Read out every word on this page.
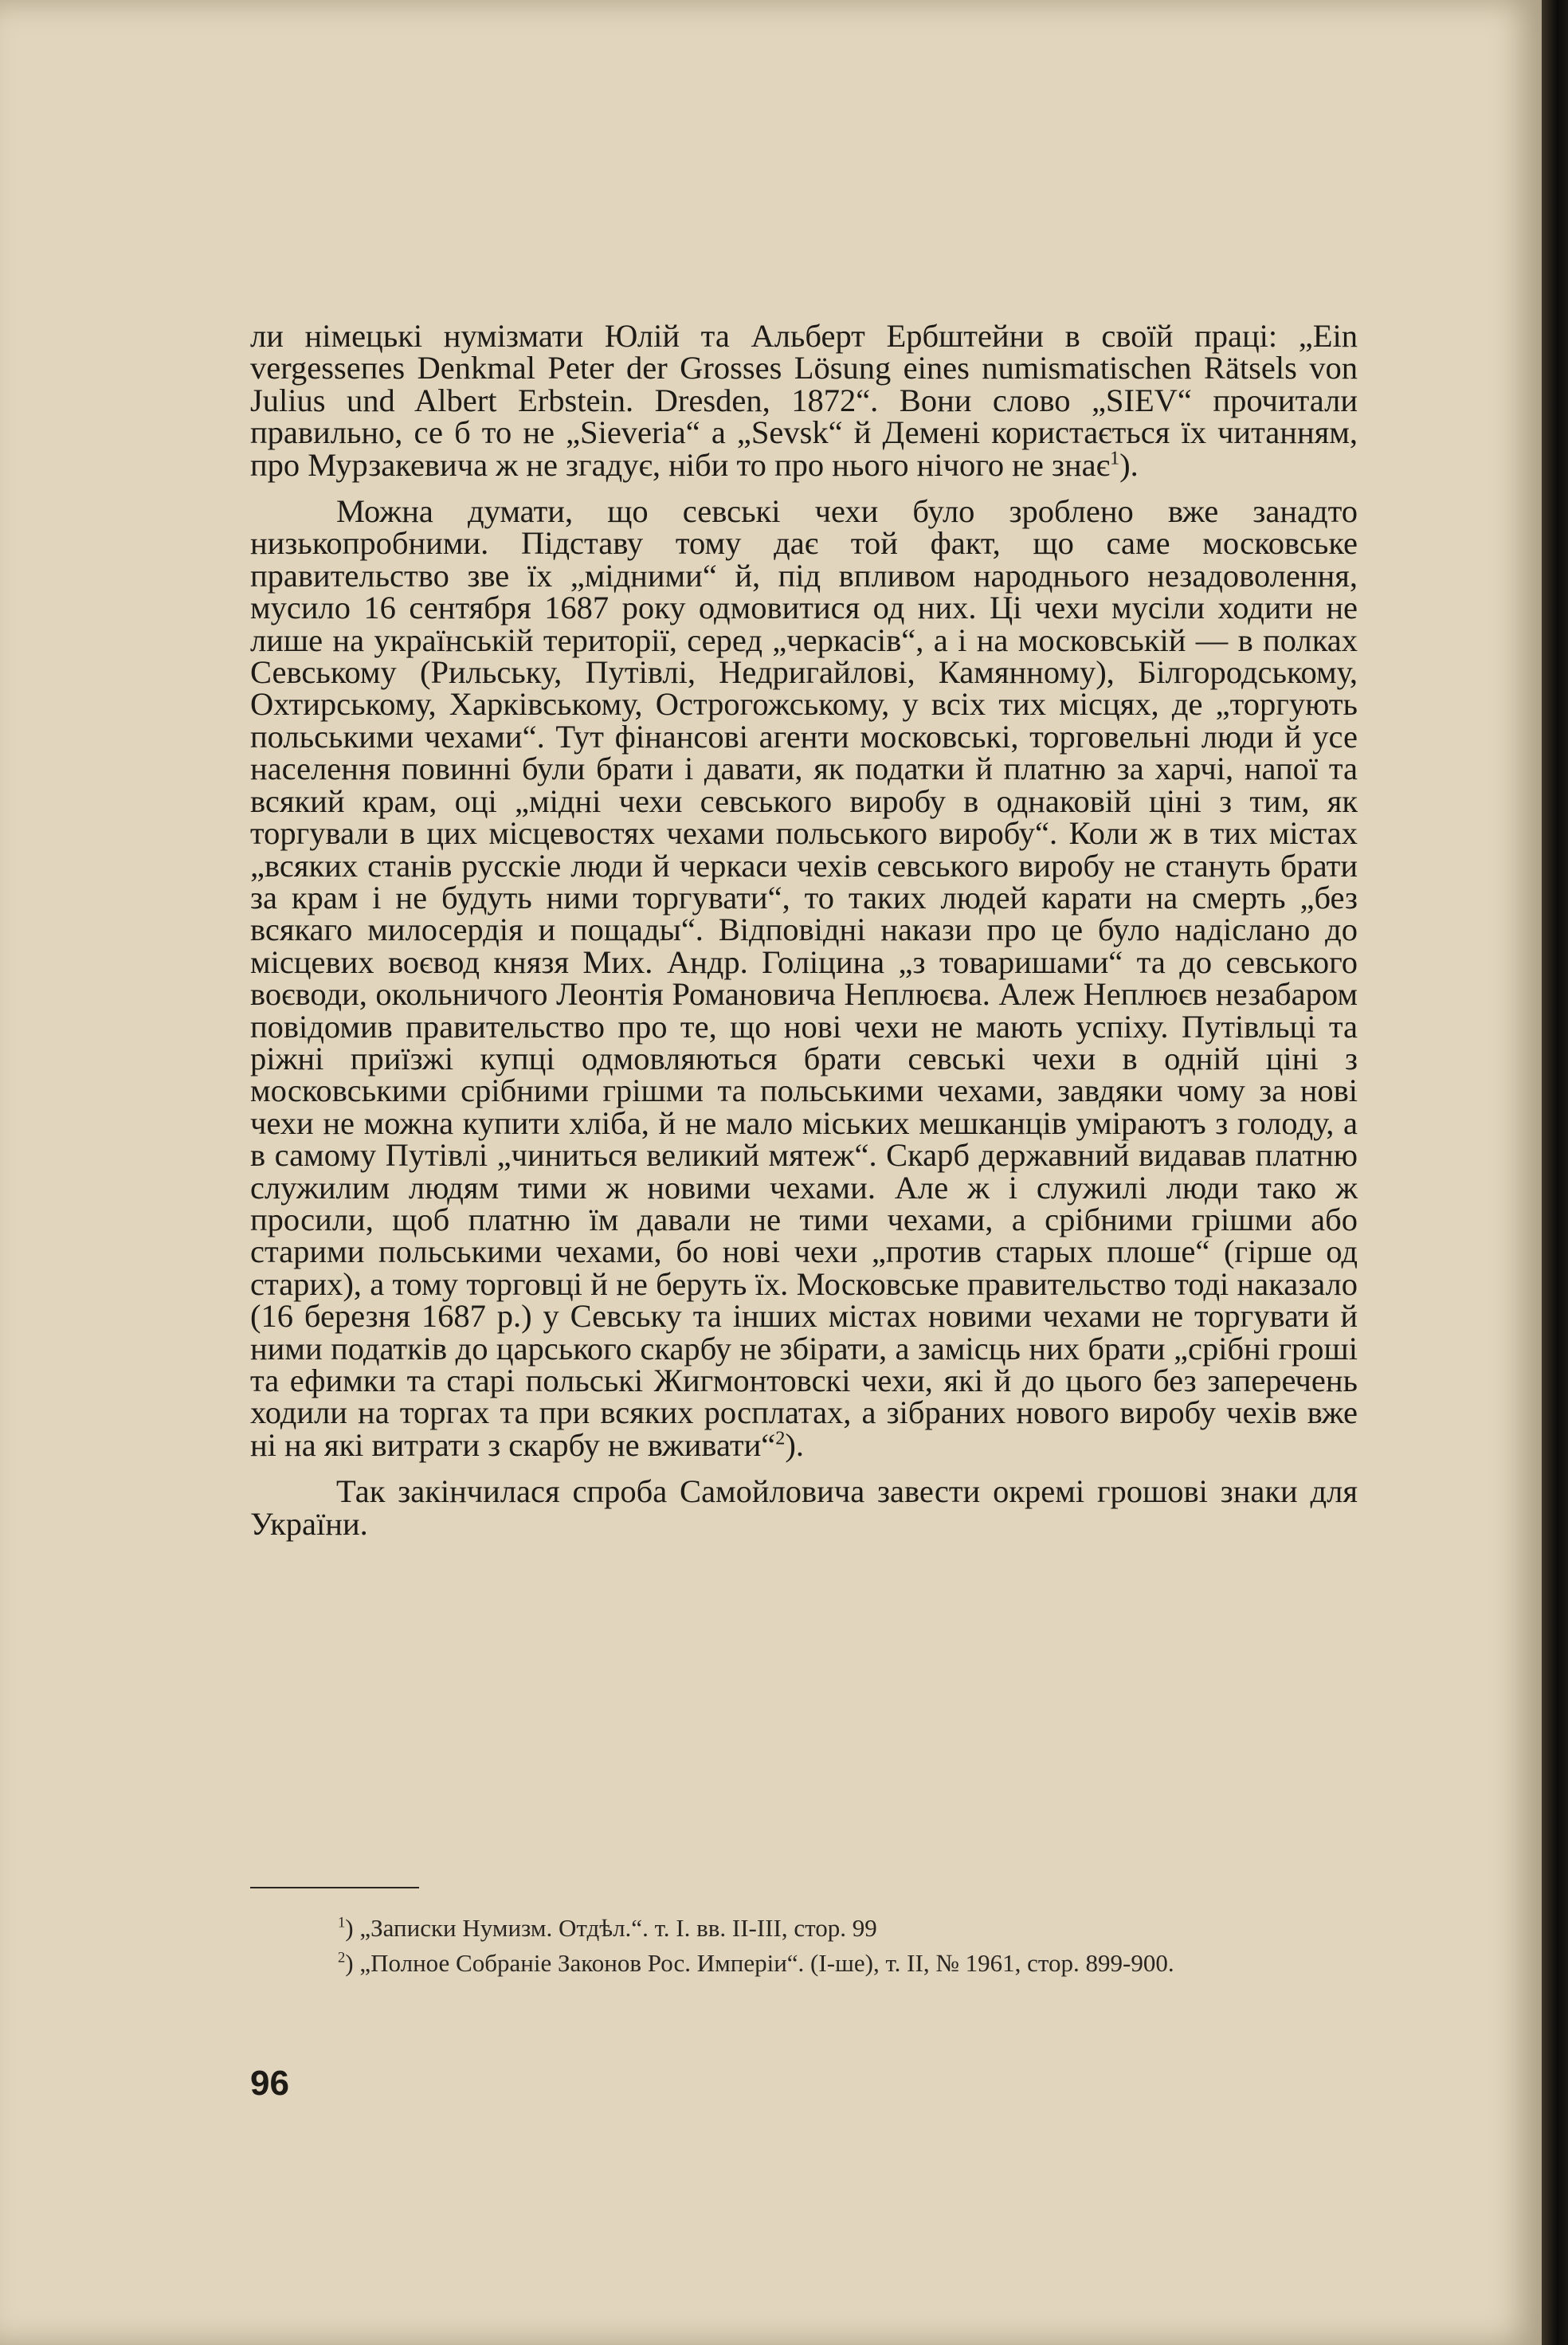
ли німецькі нумізмати Юлій та Альберт Ербштейни в своїй праці: „Ein vergesseпes Denkmal Peter der Grosses Lösung eines numismatischen Rätsels von Julius und Albert Erbstein. Dresden, 1872“. Вони слово „SIEV“ прочитали правильно, се б то не „Sieveria“ а „Sevsk“ й Демені користається їх читанням, про Мурзакевича ж не згадує, ніби то про нього нічого не знає$^1$).

Можна думати, що севські чехи було зроблено вже занадто низькопробними. Підставу тому дає той факт, що саме московське правительство зве їх „мідними“ й, під впливом народнього незадоволення, мусило 16 сентября 1687 року одмовитися од них. Ці чехи мусіли ходити не лише на українській території, серед „черкасів“, а і на московській — в полках Севському (Рильську, Путівлі, Недригайлові, Камянному), Білгородському, Охтирському, Харківському, Острогожському, у всіх тих місцях, де „торгують польськими чехами“. Тут фінансові агенти московські, торговельні люди й усе населення повинні були брати і давати, як податки й платню за харчі, напої та всякий крам, оці „мідні чехи севського виробу в однаковій ціні з тим, як торгували в цих місцевостях чехами польського виробу“. Коли ж в тих містах „всяких станів русскіе люди й черкаси чехів севського виробу не стануть брати за крам і не будуть ними торгувати“, то таких людей карати на смерть „без всякаго милосердія и пощады“. Відповідні накази про це було надіслано до місцевих воєвод князя Мих. Андр. Голіцина „з товаришами“ та до севського воєводи, окольничого Леонтія Романовича Неплюєва. Алеж Неплюєв незабаром повідомив правительство про те, що нові чехи не мають успіху. Путівльці та ріжні приїзжі купці одмовляються брати севські чехи в одній ціні з московськими срібними грішми та польськими чехами, завдяки чому за нові чехи не можна купити хліба, й не мало міських мешканців уміраютъ з голоду, а в самому Путівлі „чиниться великий мятеж“. Скарб державний видавав платню служилим людям тими ж новими чехами. Але ж і служилі люди тако ж просили, щоб платню їм давали не тими чехами, а срібними грішми або старими польськими чехами, бо нові чехи „против старых плоше“ (гірше од старих), а тому торговці й не беруть їх. Московське правительство тоді наказало (16 березня 1687 р.) у Севську та інших містах новими чехами не торгувати й ними податків до царського скарбу не збірати, а замісць них брати „срібні гроші та ефимки та старі польські Жигмонтовскі чехи, які й до цього без заперечень ходили на торгах та при всяких росплатах, а зібраних нового виробу чехів вже ні на які витрати з скарбу не вживати“$^2$).

Так закінчилася спроба Самойловича завести окремі грошові знаки для України.

$^1$) „Записки Нумизм. Отдѣл.“. т. І. вв. ІІ-ІІІ, стор. 99

$^2$) „Полное Собраніе Законов Рос. Имперіи“. (І-ше), т. ІІ, № 1961, стор. 899-900.

96
